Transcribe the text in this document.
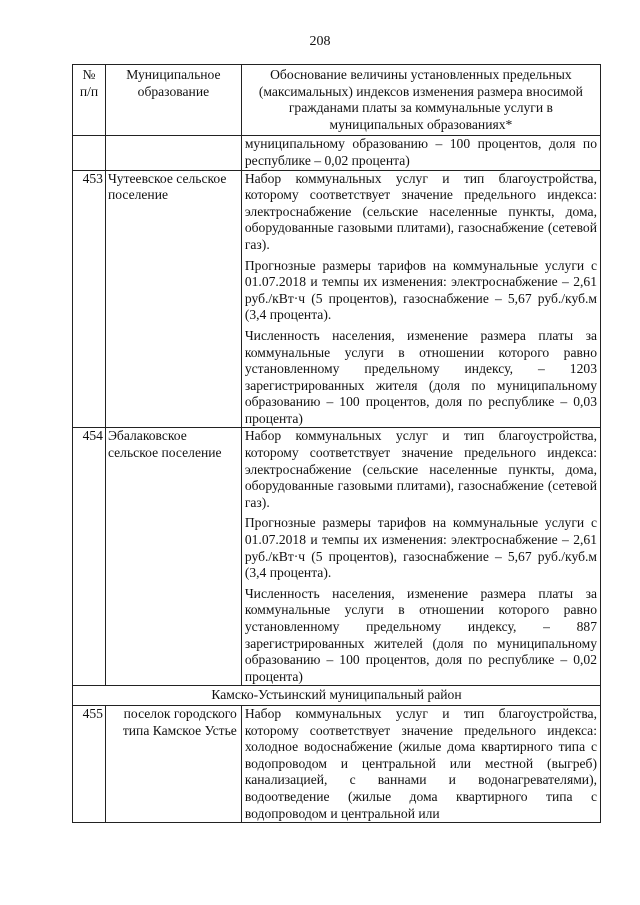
208
№ п/п	Муниципальное образование	Обоснование величины установленных предельных (максимальных) индексов изменения размера вносимой гражданами платы за коммунальные услуги в муниципальных образованиях*
		муниципальному образованию – 100 процентов, доля по республике – 0,02 процента)
453	Чутеевское сельское поселение	Набор коммунальных услуг и тип благоустройства, которому соответствует значение предельного индекса: электроснабжение (сельские населенные пункты, дома, оборудованные газовыми плитами), газоснабжение (сетевой газ).

Прогнозные размеры тарифов на коммунальные услуги с 01.07.2018 и темпы их изменения: электроснабжение – 2,61 руб./кВт·ч (5 процентов), газоснабжение – 5,67 руб./куб.м (3,4 процента).

Численность населения, изменение размера платы за коммунальные услуги в отношении которого равно установленному предельному индексу, – 1203 зарегистрированных жителя (доля по муниципальному образованию – 100 процентов, доля по республике – 0,03 процента)

454	Эбалаковское сельское поселение	Набор коммунальных услуг и тип благоустройства, которому соответствует значение предельного индекса: электроснабжение (сельские населенные пункты, дома, оборудованные газовыми плитами), газоснабжение (сетевой газ).

Прогнозные размеры тарифов на коммунальные услуги с 01.07.2018 и темпы их изменения: электроснабжение – 2,61 руб./кВт·ч (5 процентов), газоснабжение – 5,67 руб./куб.м (3,4 процента).

Численность населения, изменение размера платы за коммунальные услуги в отношении которого равно установленному предельному индексу, – 887 зарегистрированных жителей (доля по муниципальному образованию – 100 процентов, доля по республике – 0,02 процента)

Камско-Устьинский муниципальный район		
455	поселок городского типа Камское Устье	Набор коммунальных услуг и тип благоустройства, которому соответствует значение предельного индекса: холодное водоснабжение (жилые дома квартирного типа с водопроводом и центральной или местной (выгреб) канализацией, с ваннами и водонагревателями), водоотведение (жилые дома квартирного типа с водопроводом и центральной или
